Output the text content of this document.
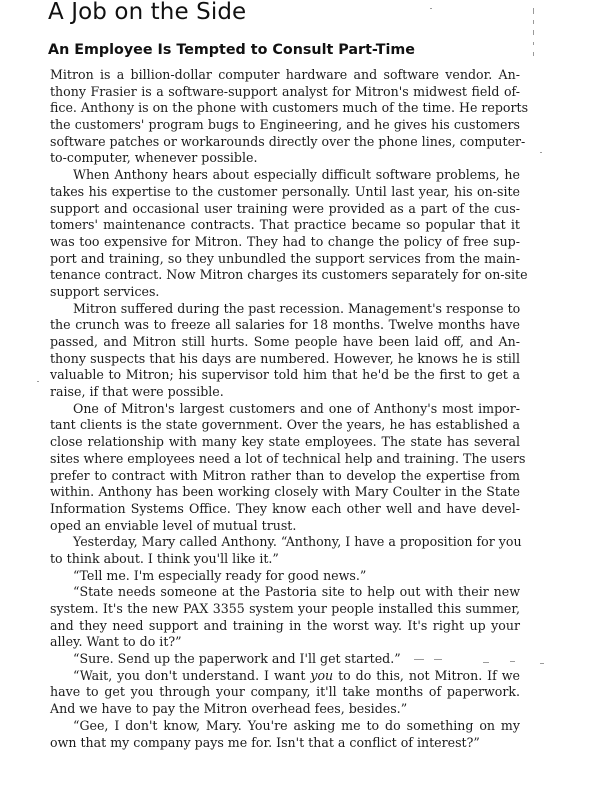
A Job on the Side
An Employee Is Tempted to Consult Part-Time
Mitron is a billion-dollar computer hardware and software vendor. An-
thony Frasier is a software-support analyst for Mitron's midwest field of-
fice. Anthony is on the phone with customers much of the time. He reports
the customers' program bugs to Engineering, and he gives his customers
software patches or workarounds directly over the phone lines, computer-
to-computer, whenever possible.
When Anthony hears about especially difficult software problems, he
takes his expertise to the customer personally. Until last year, his on-site
support and occasional user training were provided as a part of the cus-
tomers' maintenance contracts. That practice became so popular that it
was too expensive for Mitron. They had to change the policy of free sup-
port and training, so they unbundled the support services from the main-
tenance contract. Now Mitron charges its customers separately for on-site
support services.
Mitron suffered during the past recession. Management's response to
the crunch was to freeze all salaries for 18 months. Twelve months have
passed, and Mitron still hurts. Some people have been laid off, and An-
thony suspects that his days are numbered. However, he knows he is still
valuable to Mitron; his supervisor told him that he'd be the first to get a
raise, if that were possible.
One of Mitron's largest customers and one of Anthony's most impor-
tant clients is the state government. Over the years, he has established a
close relationship with many key state employees. The state has several
sites where employees need a lot of technical help and training. The users
prefer to contract with Mitron rather than to develop the expertise from
within. Anthony has been working closely with Mary Coulter in the State
Information Systems Office. They know each other well and have devel-
oped an enviable level of mutual trust.
Yesterday, Mary called Anthony. “Anthony, I have a proposition for you
to think about. I think you'll like it.”
“Tell me. I'm especially ready for good news.”
“State needs someone at the Pastoria site to help out with their new
system. It's the new PAX 3355 system your people installed this summer,
and they need support and training in the worst way. It's right up your
alley. Want to do it?”
“Sure. Send up the paperwork and I'll get started.”
“Wait, you don't understand. I want you to do this, not Mitron. If we
have to get you through your company, it'll take months of paperwork.
And we have to pay the Mitron overhead fees, besides.”
“Gee, I don't know, Mary. You're asking me to do something on my
own that my company pays me for. Isn't that a conflict of interest?”
